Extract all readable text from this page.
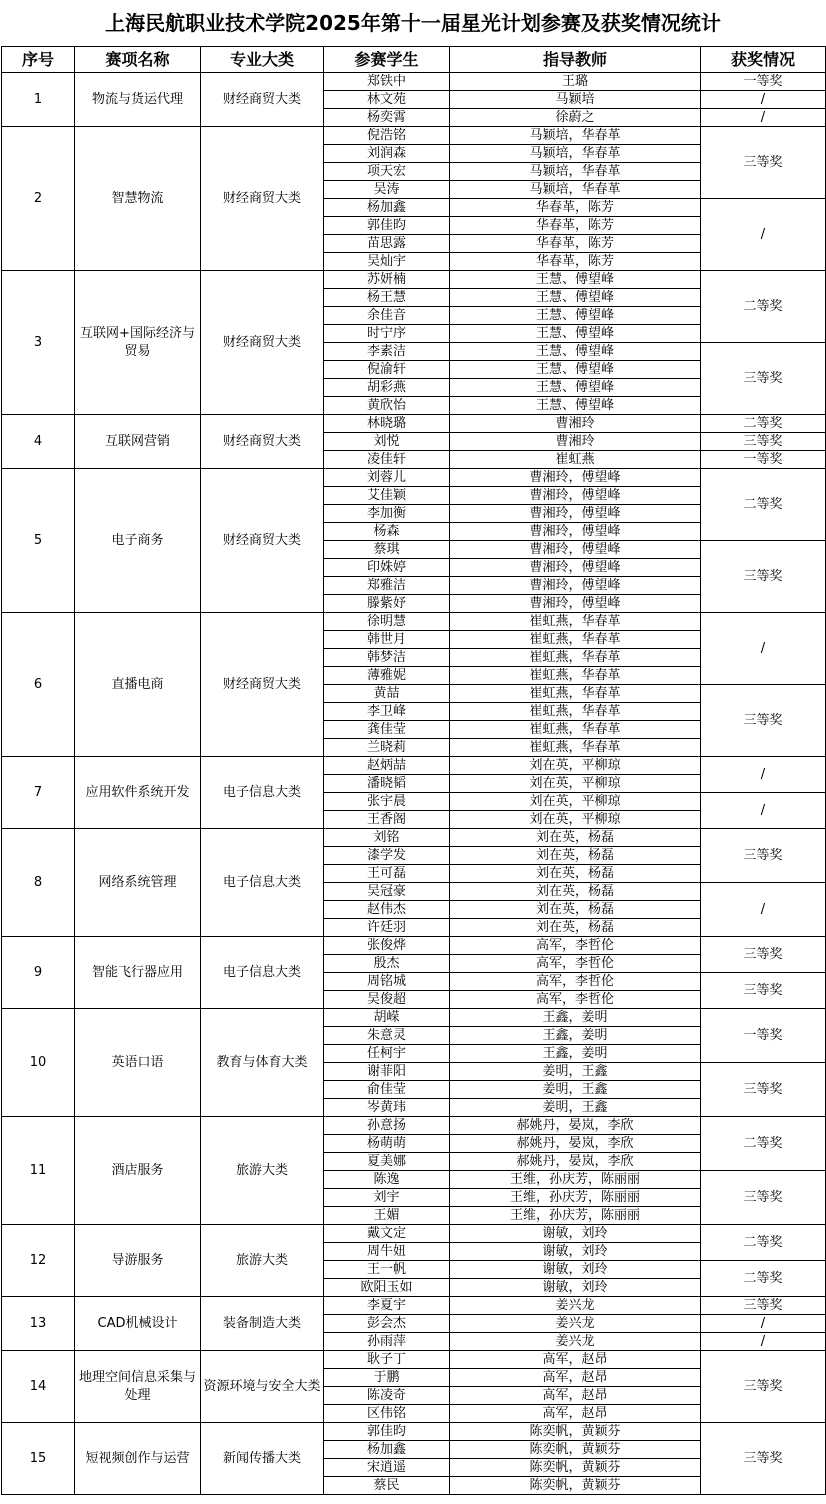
上海民航职业技术学院2025年第十一届星光计划参赛及获奖情况统计
序号	赛项名称	专业大类	参赛学生	指导教师	获奖情况
1	物流与货运代理	财经商贸大类	郑铁中	王璐	一等奖
			林文苑	马颖培	/
			杨奕霄	徐蔚之	/
2	智慧物流	财经商贸大类	倪浩铭	马颖培，华春革	三等奖
			刘润森	马颖培，华春革	
			项天宏	马颖培，华春革	
			吴涛	马颖培，华春革	
			杨加鑫	华春革，陈芳	/
			郭佳昀	华春革，陈芳	
			苗思露	华春革，陈芳	
			吴灿宇	华春革，陈芳	
3	互联网+国际经济与贸易	财经商贸大类	苏妍楠	王慧、傅望峰	二等奖
			杨王慧	王慧、傅望峰	
			余佳音	王慧、傅望峰	
			时宁序	王慧、傅望峰	
			李素洁	王慧、傅望峰	三等奖
			倪渝轩	王慧、傅望峰	
			胡彩燕	王慧、傅望峰	
			黄欣怡	王慧、傅望峰	
4	互联网营销	财经商贸大类	林晓璐	曹湘玲	二等奖
			刘悦	曹湘玲	三等奖
			凌佳轩	崔虹燕	一等奖
5	电子商务	财经商贸大类	刘蓉儿	曹湘玲，傅望峰	二等奖
			艾佳颖	曹湘玲，傅望峰	
			李加衡	曹湘玲，傅望峰	
			杨森	曹湘玲，傅望峰	
			蔡琪	曹湘玲，傅望峰	三等奖
			印姝婷	曹湘玲，傅望峰	
			郑雅洁	曹湘玲，傅望峰	
			滕紫妤	曹湘玲，傅望峰	
6	直播电商	财经商贸大类	徐明慧	崔虹燕，华春革	/
			韩世月	崔虹燕，华春革	
			韩梦洁	崔虹燕，华春革	
			薄雅妮	崔虹燕，华春革	
			黄喆	崔虹燕，华春革	三等奖
			李卫峰	崔虹燕，华春革	
			龚佳莹	崔虹燕，华春革	
			兰晓莉	崔虹燕，华春革	
7	应用软件系统开发	电子信息大类	赵炳喆	刘在英，平柳琼	/
			潘晓韬	刘在英，平柳琼	
			张宇晨	刘在英，平柳琼	/
			王香阁	刘在英，平柳琼	
8	网络系统管理	电子信息大类	刘铭	刘在英，杨磊	三等奖
			漆学发	刘在英，杨磊	
			王可磊	刘在英，杨磊	
			吴冠豪	刘在英，杨磊	/
			赵伟杰	刘在英，杨磊	
			许廷羽	刘在英，杨磊	
9	智能飞行器应用	电子信息大类	张俊烨	高军，李哲伦	三等奖
			殷杰	高军，李哲伦	
			周铭城	高军，李哲伦	三等奖
			吴俊超	高军，李哲伦	
10	英语口语	教育与体育大类	胡嵘	王鑫，姜明	一等奖
			朱意灵	王鑫，姜明	
			任柯宇	王鑫，姜明	
			谢菲阳	姜明，王鑫	三等奖
			俞佳莹	姜明，王鑫	
			岑黄玮	姜明，王鑫	
11	酒店服务	旅游大类	孙意扬	郝姚丹，晏岚，李欣	二等奖
			杨萌萌	郝姚丹，晏岚，李欣	
			夏美娜	郝姚丹，晏岚，李欣	
			陈逸	王维，孙庆芳，陈丽丽	三等奖
			刘宇	王维，孙庆芳，陈丽丽	
			王媚	王维，孙庆芳，陈丽丽	
12	导游服务	旅游大类	戴文定	谢敏，刘玲	二等奖
			周牛妞	谢敏，刘玲	
			王一帆	谢敏，刘玲	二等奖
			欧阳玉如	谢敏，刘玲	
13	CAD机械设计	装备制造大类	李夏宇	姜兴龙	三等奖
			彭会杰	姜兴龙	/
			孙雨萍	姜兴龙	/
14	地理空间信息采集与处理	资源环境与安全大类	耿子丁	高军，赵昂	三等奖
			于鹏	高军，赵昂	
			陈凌奇	高军，赵昂	
			区伟铭	高军，赵昂	
15	短视频创作与运营	新闻传播大类	郭佳昀	陈奕帆，黄颖芬	三等奖
			杨加鑫	陈奕帆，黄颖芬	
			宋逍遥	陈奕帆，黄颖芬	
			蔡民	陈奕帆，黄颖芬	
